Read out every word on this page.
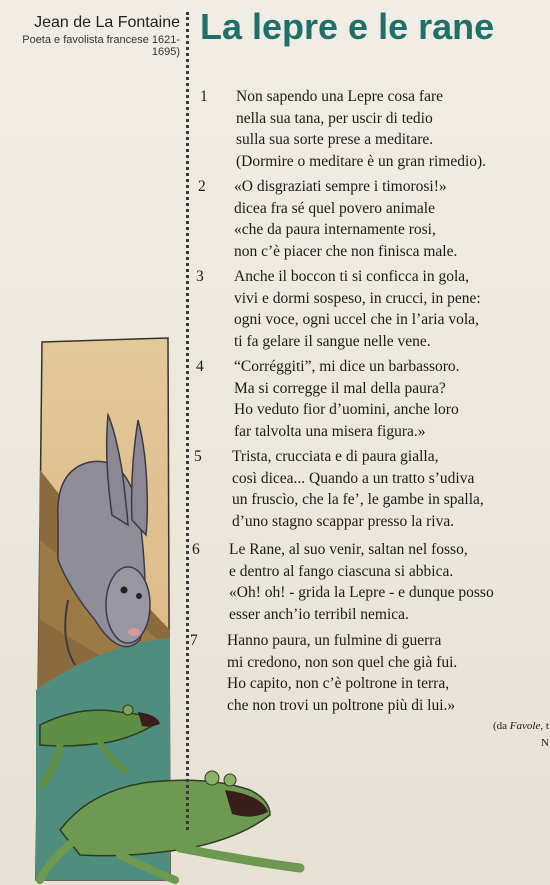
Jean de La Fontaine
Poeta e favolista francese 1621-1695)
La lepre e le rane
1	Non sapendo una Lepre cosa fare
nella sua tana, per uscir di tedio
sulla sua sorte prese a meditare.
(Dormire o meditare è un gran rimedio).
2	«O disgraziati sempre i timorosi!»
dicea fra sé quel povero animale
«che da paura internamente rosi,
non c’è piacer che non finisca male.
3	Anche il boccon ti si conficca in gola,
vivi e dormi sospeso, in crucci, in pene:
ogni voce, ogni uccel che in l’aria vola,
ti fa gelare il sangue nelle vene.
4	“Corréggiti”, mi dice un barbassoro.
Ma si corregge il mal della paura?
Ho veduto fior d’uomini, anche loro
far talvolta una misera figura.»
5	Trista, crucciata e di paura gialla,
così dicea... Quando a un tratto s’udiva
un fruscìo, che la fe’, le gambe in spalla,
d’uno stagno scappar presso la riva.
6	Le Rane, al suo venir, saltan nel fosso,
e dentro al fango ciascuna si abbica.
«Oh! oh! - grida la Lepre - e dunque posso
esser anch’io terribil nemica.
7	Hanno paura, un fulmine di guerra
mi credono, non son quel che già fui.
Ho capito, non c’è poltrone in terra,
che non trovi un poltrone più di lui.»
(da Favole, t
N
